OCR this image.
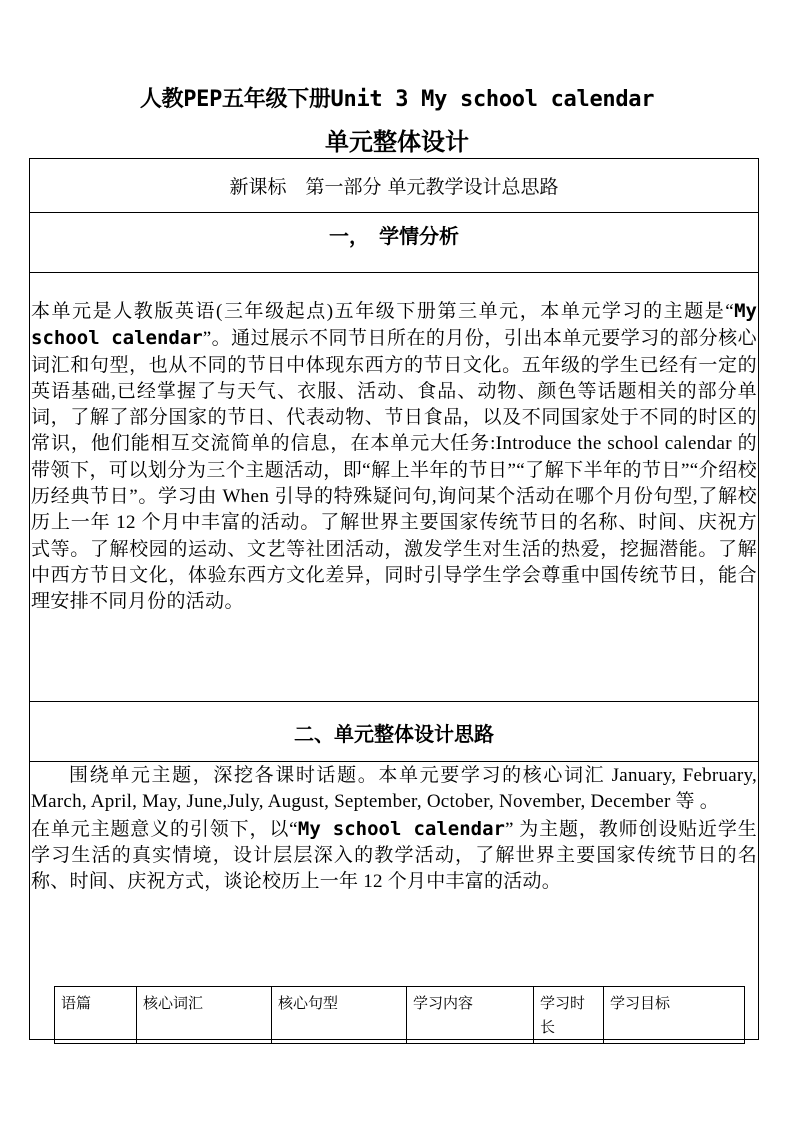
人教PEP五年级下册Unit 3 My school calendar
单元整体设计
新课标　第一部分 单元教学设计总思路
一，　学情分析

本单元是人教版英语(三年级起点)五年级下册第三单元，本单元学习的主题是“My school calendar”。通过展示不同节日所在的月份，引出本单元要学习的部分核心词汇和句型，也从不同的节日中体现东西方的节日文化。五年级的学生已经有一定的英语基础,已经掌握了与天气、衣服、活动、食品、动物、颜色等话题相关的部分单词，了解了部分国家的节日、代表动物、节日食品，以及不同国家处于不同的时区的常识，他们能相互交流简单的信息，在本单元大任务:Introduce the school calendar 的带领下，可以划分为三个主题活动，即“解上半年的节日”“了解下半年的节日”“介绍校历经典节日”。学习由 When 引导的特殊疑问句,询问某个活动在哪个月份句型,了解校历上一年 12 个月中丰富的活动。了解世界主要国家传统节日的名称、时间、庆祝方式等。了解校园的运动、文艺等社团活动，激发学生对生活的热爱，挖掘潜能。了解中西方节日文化，体验东西方文化差异，同时引导学生学会尊重中国传统节日，能合理安排不同月份的活动。

二、单元整体设计思路

围绕单元主题，深挖各课时话题。本单元要学习的核心词汇 January, February, March, April, May, June,July, August, September, October, November, December 等 。

在单元主题意义的引领下，以“My school calendar” 为主题，教师创设贴近学生学习生活的真实情境，设计层层深入的教学活动，了解世界主要国家传统节日的名称、时间、庆祝方式，谈论校历上一年 12 个月中丰富的活动。

语篇	核心词汇	核心句型	学习内容	学习时长	学习目标
